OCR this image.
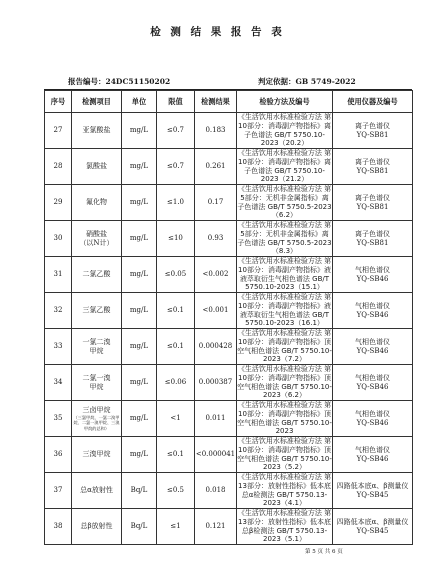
检 测 结 果 报 告 表
报告编号：24DC51150202	判定依据：GB 5749-2022
序号	检测项目	单位	限值	检测结果	检验方法及编号	使用仪器及编号
27	亚氯酸盐	mg/L	≤0.7	0.183	《生活饮用水标准检验方法 第10部分：消毒副产物指标》离子色谱法 GB/T 5750.10-2023（20.2）	离子色谱仪
YQ-SB81
28	氯酸盐	mg/L	≤0.7	0.261	《生活饮用水标准检验方法 第10部分：消毒副产物指标》离子色谱法 GB/T 5750.10-2023（21.2）	离子色谱仪
YQ-SB81
29	氟化物	mg/L	≤1.0	0.17	《生活饮用水标准检验方法 第5部分：无机非金属指标》离子色谱法 GB/T 5750.5-2023（6.2）	离子色谱仪
YQ-SB81
30	硝酸盐
（以N计）	mg/L	≤10	0.93	《生活饮用水标准检验方法 第5部分：无机非金属指标》离子色谱法 GB/T 5750.5-2023（8.3）	离子色谱仪
YQ-SB81
31	二氯乙酸	mg/L	≤0.05	<0.002	《生活饮用水标准检验方法 第10部分：消毒副产物指标》液液萃取衍生气相色谱法 GB/T 5750.10-2023（15.1）	气相色谱仪
YQ-SB46
32	三氯乙酸	mg/L	≤0.1	<0.001	《生活饮用水标准检验方法 第10部分：消毒副产物指标》液液萃取衍生气相色谱法 GB/T 5750.10-2023（16.1）	气相色谱仪
YQ-SB46
33	一氯二溴
甲烷	mg/L	≤0.1	0.000428	《生活饮用水标准检验方法 第10部分：消毒副产物指标》顶空气相色谱法 GB/T 5750.10-2023（7.2）	气相色谱仪
YQ-SB46
34	二氯一溴
甲烷	mg/L	≤0.06	0.000387	《生活饮用水标准检验方法 第10部分：消毒副产物指标》顶空气相色谱法 GB/T 5750.10-2023（6.2）	气相色谱仪
YQ-SB46
35	三卤甲烷
（三氯甲烷、一氯二溴甲烷、二氯一溴甲烷、三溴甲烷的总和）	mg/L	<1	0.011	《生活饮用水标准检验方法 第10部分：消毒副产物指标》顶空气相色谱法 GB/T 5750.10-2023	气相色谱仪
YQ-SB46
36	三溴甲烷	mg/L	≤0.1	<0.000041	《生活饮用水标准检验方法 第10部分：消毒副产物指标》顶空气相色谱法 GB/T 5750.10-2023（5.2）	气相色谱仪
YQ-SB46
37	总α放射性	Bq/L	≤0.5	0.018	《生活饮用水标准检验方法 第13部分：放射性指标》低本底总α检测法 GB/T 5750.13-2023（4.1）	四路低本底α、β测量仪 YQ-SB45
38	总β放射性	Bq/L	≤1	0.121	《生活饮用水标准检验方法 第13部分：放射性指标》低本底总β检测法 GB/T 5750.13-2023（5.1）	四路低本底α、β测量仪 YQ-SB45
第 5 页 共 6 页
